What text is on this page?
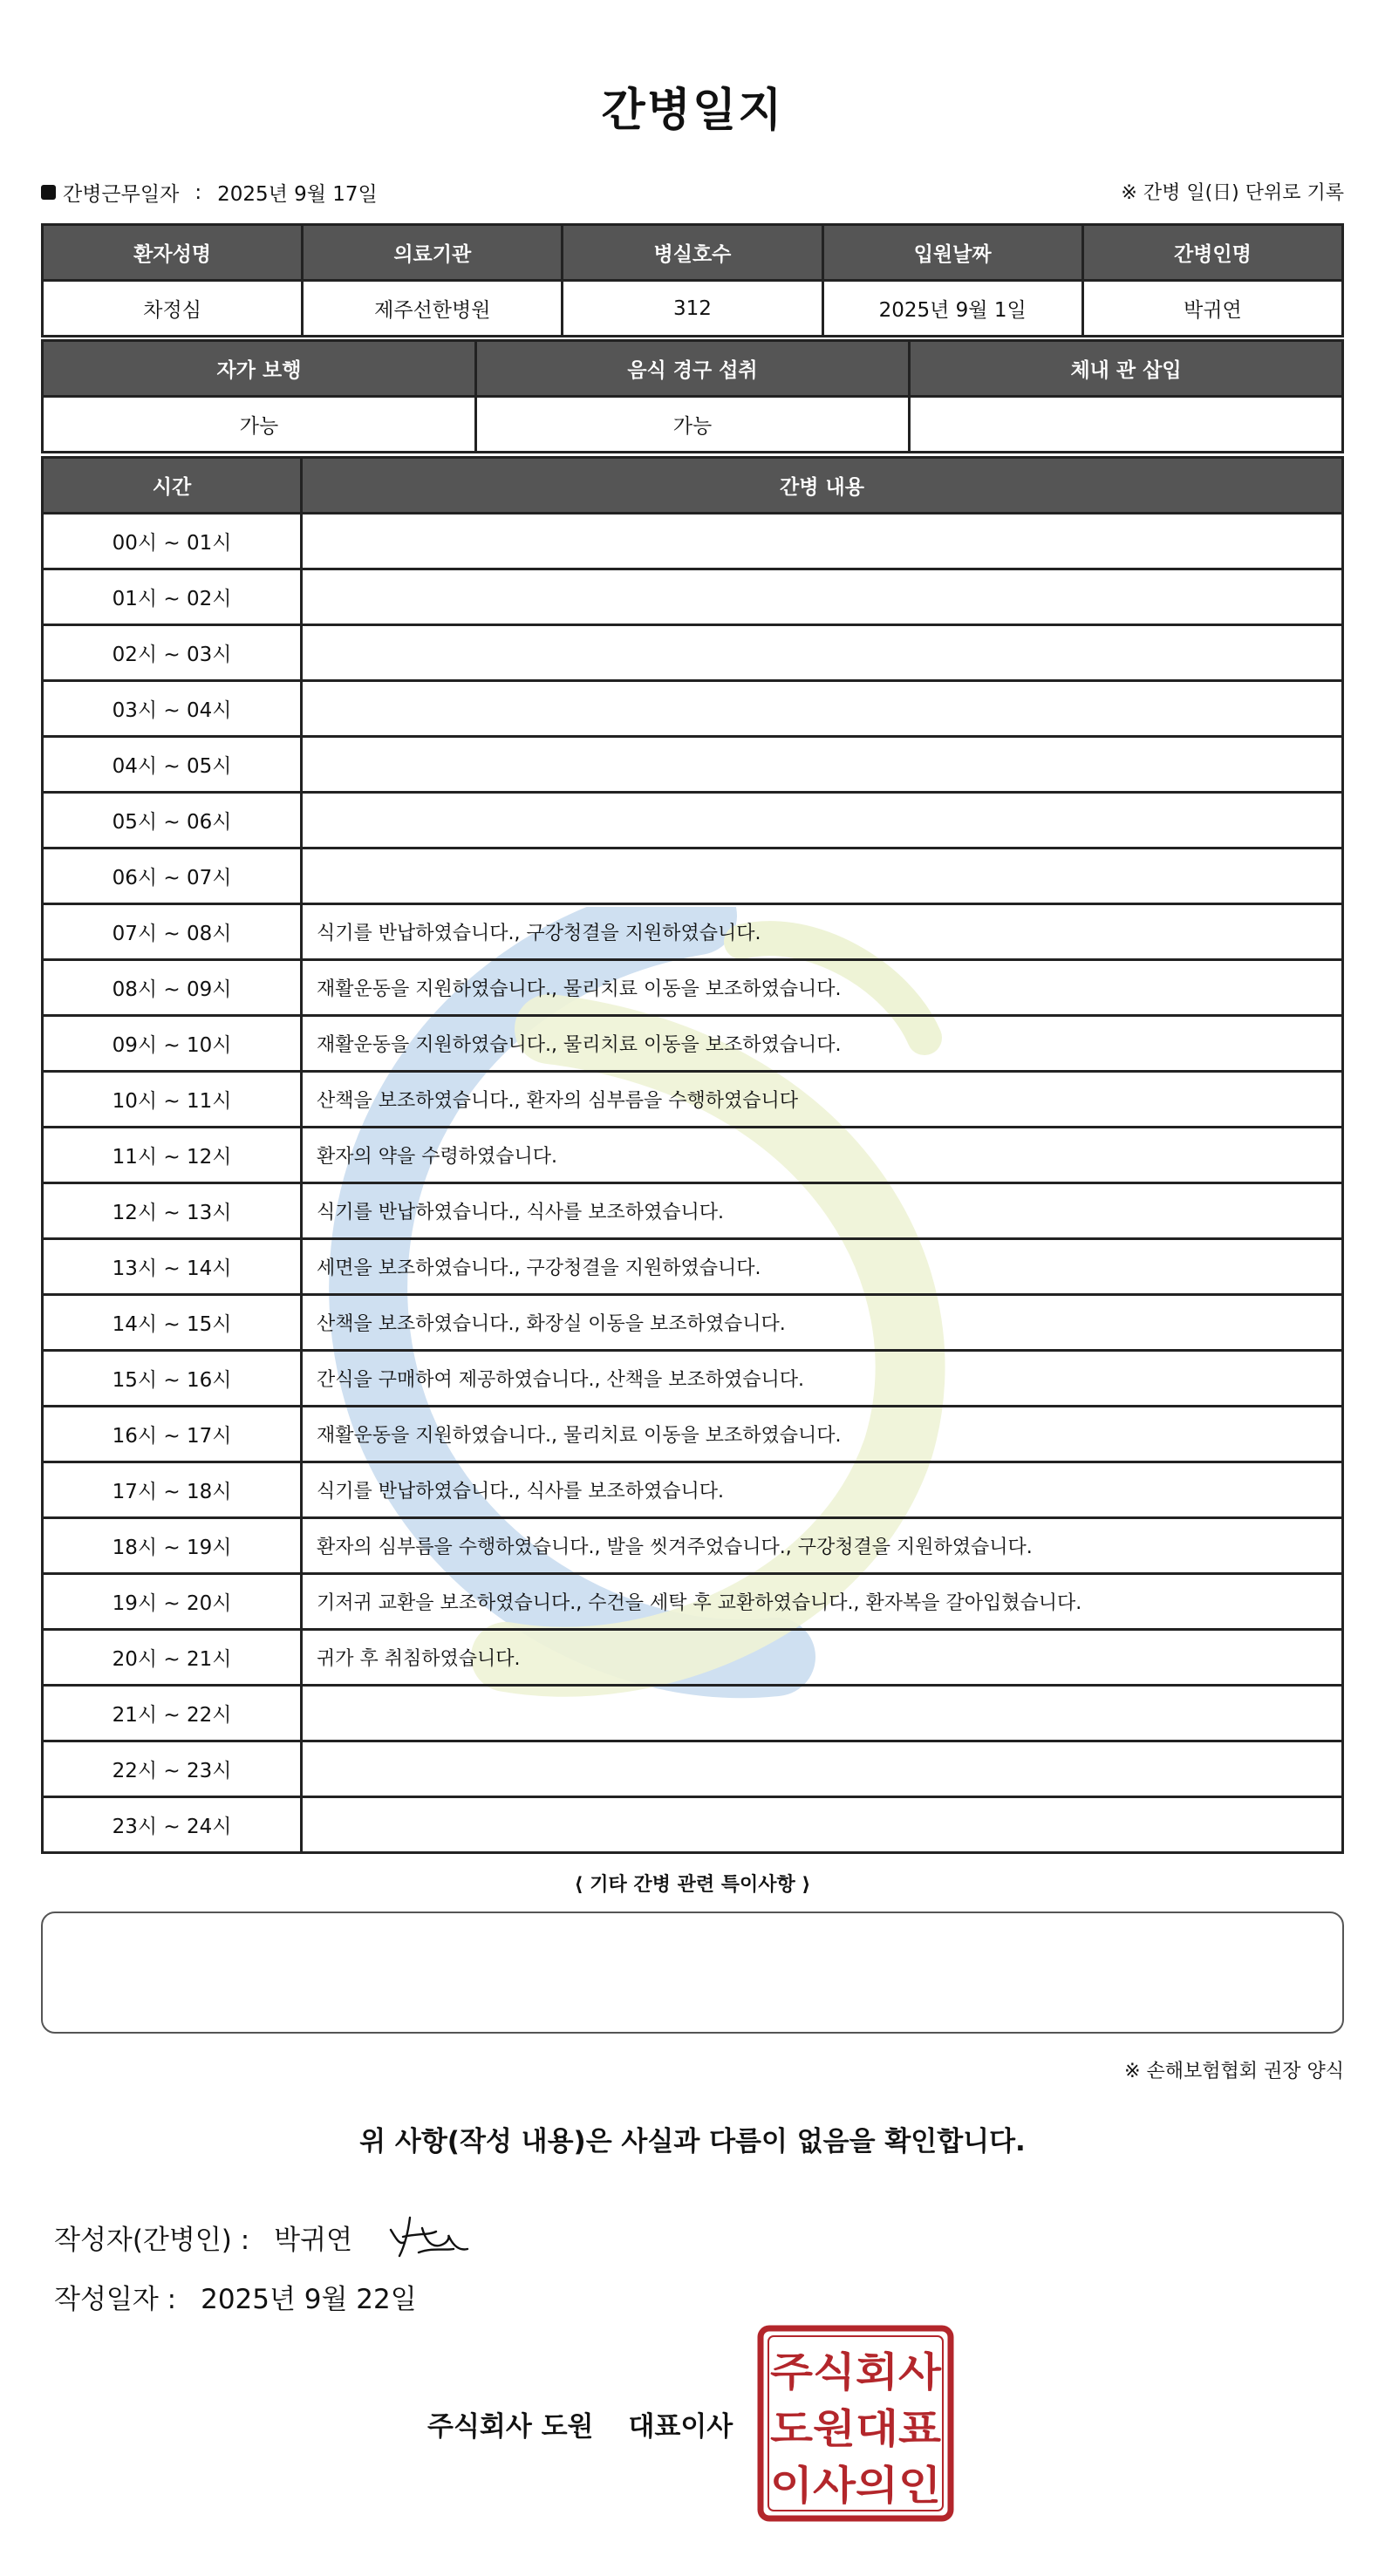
간병일지
간병근무일자 : 2025년 9월 17일	※ 간병 일(日) 단위로 기록
환자성명	의료기관	병실호수	입원날짜	간병인명
차정심	제주선한병원	312	2025년 9월 1일	박귀연
자가 보행	음식 경구 섭취	체내 관 삽입
가능	가능	
시간	간병 내용
00시 ~ 01시	
01시 ~ 02시	
02시 ~ 03시	
03시 ~ 04시	
04시 ~ 05시	
05시 ~ 06시	
06시 ~ 07시	
07시 ~ 08시	식기를 반납하였습니다., 구강청결을 지원하였습니다.
08시 ~ 09시	재활운동을 지원하였습니다., 물리치료 이동을 보조하였습니다.
09시 ~ 10시	재활운동을 지원하였습니다., 물리치료 이동을 보조하였습니다.
10시 ~ 11시	산책을 보조하였습니다., 환자의 심부름을 수행하였습니다
11시 ~ 12시	환자의 약을 수령하였습니다.
12시 ~ 13시	식기를 반납하였습니다., 식사를 보조하였습니다.
13시 ~ 14시	세면을 보조하였습니다., 구강청결을 지원하였습니다.
14시 ~ 15시	산책을 보조하였습니다., 화장실 이동을 보조하였습니다.
15시 ~ 16시	간식을 구매하여 제공하였습니다., 산책을 보조하였습니다.
16시 ~ 17시	재활운동을 지원하였습니다., 물리치료 이동을 보조하였습니다.
17시 ~ 18시	식기를 반납하였습니다., 식사를 보조하였습니다.
18시 ~ 19시	환자의 심부름을 수행하였습니다., 발을 씻겨주었습니다., 구강청결을 지원하였습니다.
19시 ~ 20시	기저귀 교환을 보조하였습니다., 수건을 세탁 후 교환하였습니다., 환자복을 갈아입혔습니다.
20시 ~ 21시	귀가 후 취침하였습니다.
21시 ~ 22시	
22시 ~ 23시	
23시 ~ 24시	
⟨ 기타 간병 관련 특이사항 ⟩
※ 손해보험협회 권장 양식
위 사항(작성 내용)은 사실과 다름이 없음을 확인합니다.
작성자(간병인) : 박귀연
작성일자 : 2025년 9월 22일
주식회사 도원 대표이사
주식회사
도원대표
이사의인
